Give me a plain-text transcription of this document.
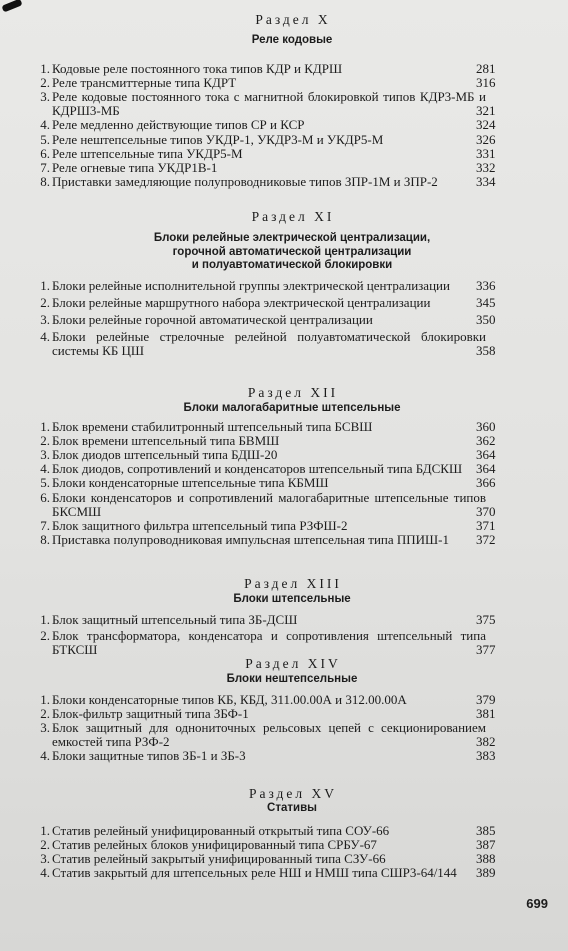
Раздел X
Реле кодовые
1. Кодовые реле постоянного тока типов КДР и КДРШ	281
2. Реле трансмиттерные типа КДРТ	316
3. Реле кодовые постоянного тока с магнитной блокировкой типов КДР3-МБ и КДРШ3-МБ	321
4. Реле медленно действующие типов СР и КСР	324
5. Реле нештепсельные типов УКДР-1, УКДР3-М и УКДР5-М	326
6. Реле штепсельные типа УКДР5-М	331
7. Реле огневые типа УКДР1В-1	332
8. Приставки замедляющие полупроводниковые типов ЗПР-1М и ЗПР-2	334
Раздел XI
Блоки релейные электрической централизации,
горочной автоматической централизации
и полуавтоматической блокировки
1. Блоки релейные исполнительной группы электрической централизации 336
2. Блоки релейные маршрутного набора электрической централизации	345
3. Блоки релейные горочной автоматической централизации	350
4. Блоки релейные стрелочные релейной полуавтоматической блокировки системы КБ ЦШ	358
Раздел XII
Блоки малогабаритные штепсельные
1. Блок времени стабилитронный штепсельный типа БСВШ	360
2. Блок времени штепсельный типа БВМШ	362
3. Блок диодов штепсельный типа БДШ-20	364
4. Блок диодов, сопротивлений и конденсаторов штепсельный типа БДСКШ 364
5. Блоки конденсаторные штепсельные типа КБМШ	366
6. Блоки конденсаторов и сопротивлений малогабаритные штепсельные типов БКСМШ	370
7. Блок защитного фильтра штепсельный типа РЗФШ-2	371
8. Приставка полупроводниковая импульсная штепсельная типа ППИШ-1 372
Раздел XIII
Блоки штепсельные
1. Блок защитный штепсельный типа ЗБ-ДСШ	375
2. Блок трансформатора, конденсатора и сопротивления штепсельный типа БТКСШ	377
Раздел XIV
Блоки нештепсельные
1. Блоки конденсаторные типов КБ, КБД, 311.00.00А и 312.00.00А	379
2. Блок-фильтр защитный типа ЗБФ-1	381
3. Блок защитный для однониточных рельсовых цепей с секционированием емкостей типа РЗФ-2	382
4. Блоки защитные типов ЗБ-1 и ЗБ-3	383
Раздел XV
Стативы
1. Статив релейный унифицированный открытый типа СОУ-66	385
2. Статив релейных блоков унифицированный типа СРБУ-67	387
3. Статив релейный закрытый унифицированный типа СЗУ-66	388
4. Статив закрытый для штепсельных реле НШ и НМШ типа СШР3-64/144 389
699
